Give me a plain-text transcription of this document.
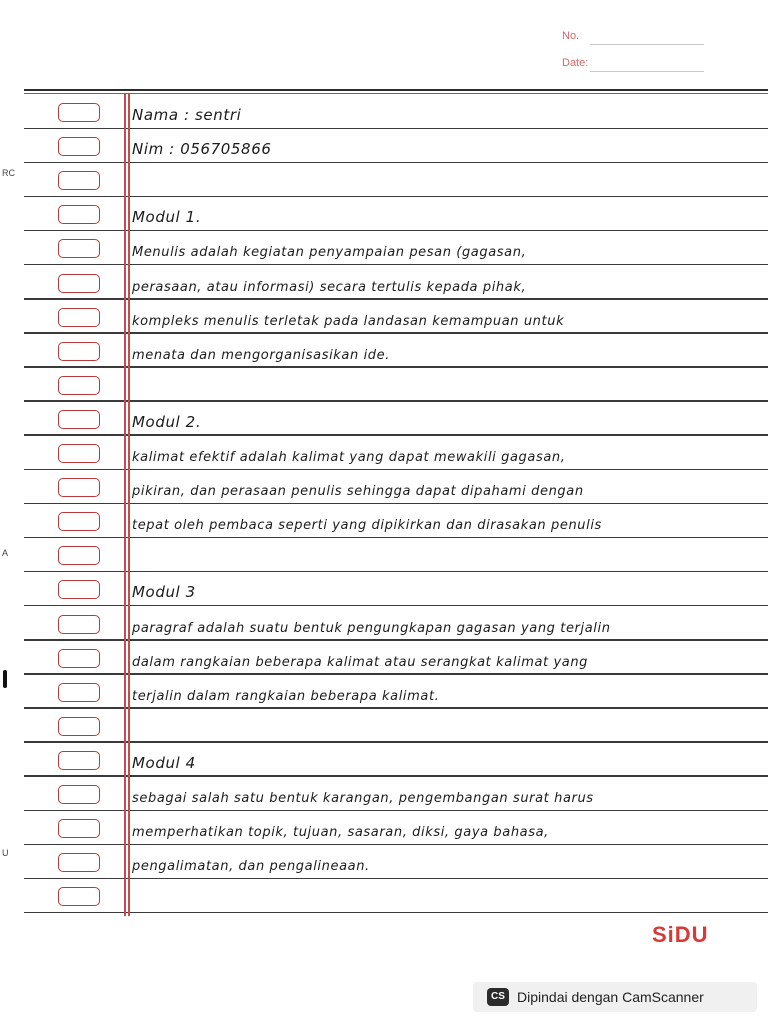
No.
Date:
RC
A
U
Nama : sentri
Nim : 056705866
Modul 1.
Menulis adalah kegiatan penyampaian pesan (gagasan,
perasaan, atau informasi) secara tertulis kepada pihak,
kompleks menulis terletak pada landasan kemampuan untuk
menata dan mengorganisasikan ide.
Modul 2.
kalimat efektif adalah kalimat yang dapat mewakili gagasan,
pikiran, dan perasaan penulis sehingga dapat dipahami dengan
tepat oleh pembaca seperti yang dipikirkan dan dirasakan penulis
Modul 3
paragraf adalah suatu bentuk pengungkapan gagasan yang terjalin
dalam rangkaian beberapa kalimat atau serangkat kalimat yang
terjalin dalam rangkaian beberapa kalimat.
Modul 4
sebagai salah satu bentuk karangan, pengembangan surat harus
memperhatikan topik, tujuan, sasaran, diksi, gaya bahasa,
pengalimatan, dan pengalineaan.
SiDU
CS Dipindai dengan CamScanner
